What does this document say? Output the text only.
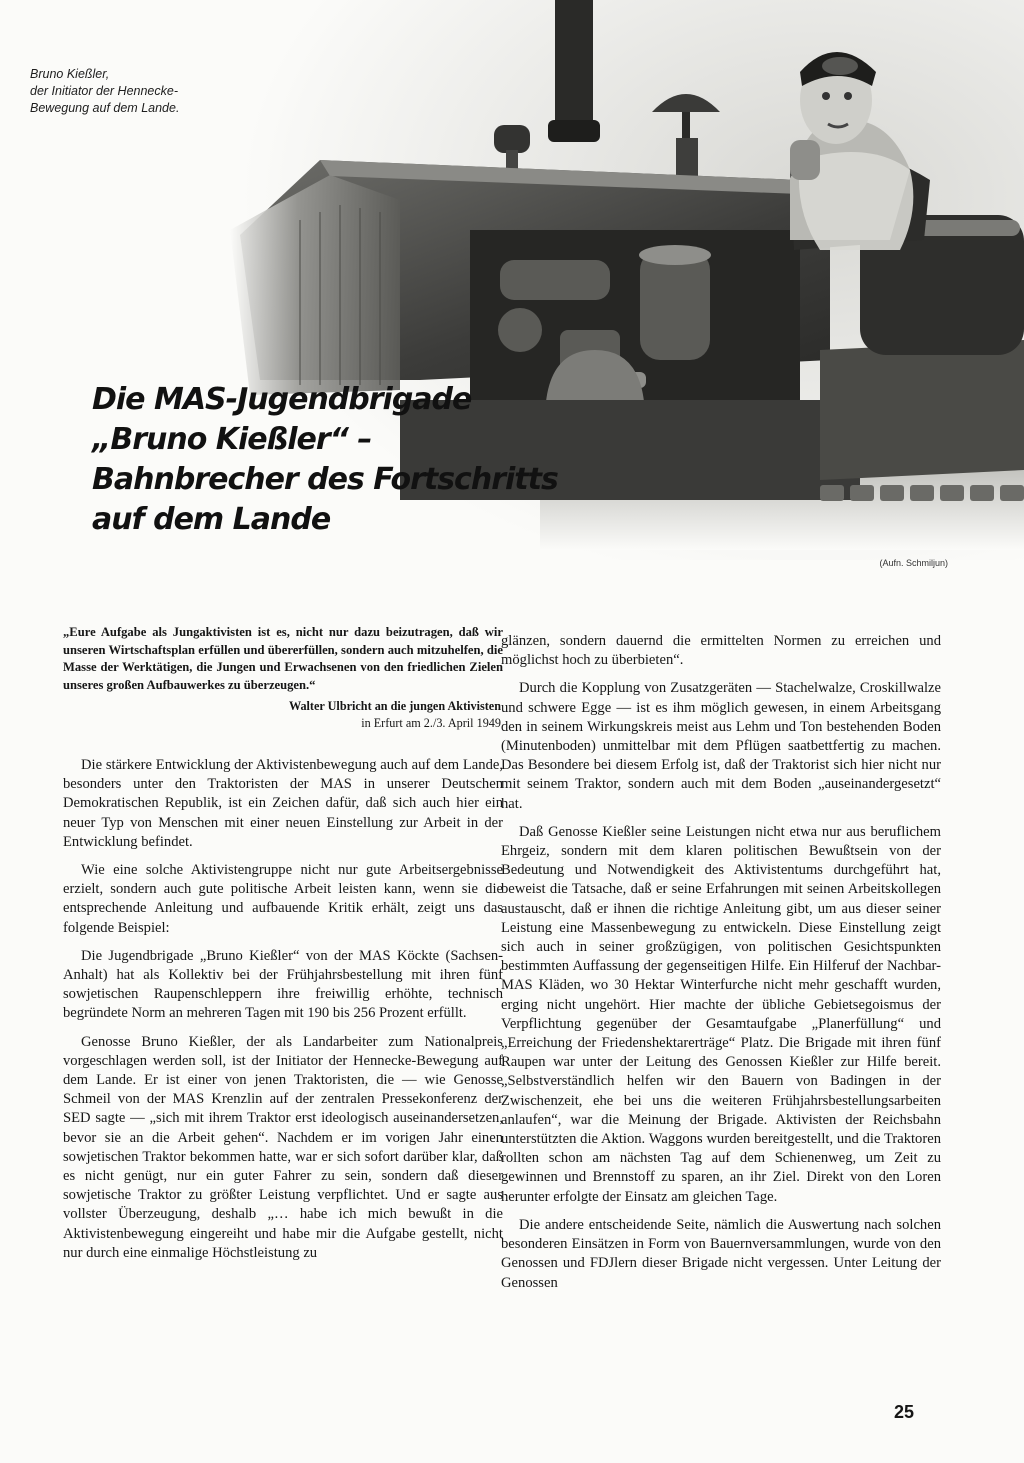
Bruno Kießler,
der Initiator der Hennecke-
Bewegung auf dem Lande.
Die MAS-Jugendbrigade
„Bruno Kießler“ –
Bahnbrecher des Fortschritts
auf dem Lande
(Aufn. Schmiljun)

„Eure Aufgabe als Jungaktivisten ist es, nicht nur dazu beizutragen, daß wir unseren Wirtschaftsplan erfüllen und übererfüllen, sondern auch mitzuhelfen, die Masse der Werktätigen, die Jungen und Erwachsenen von den friedlichen Zielen unseres großen Aufbauwerkes zu überzeugen.“

Walter Ulbricht an die jungen Aktivisten
in Erfurt am 2./3. April 1949

Die stärkere Entwicklung der Aktivistenbewegung auch auf dem Lande, besonders unter den Traktoristen der MAS in unserer Deutschen Demokratischen Republik, ist ein Zeichen dafür, daß sich auch hier ein neuer Typ von Menschen mit einer neuen Einstellung zur Arbeit in der Entwicklung befindet.

Wie eine solche Aktivistengruppe nicht nur gute Arbeitsergebnisse erzielt, sondern auch gute politische Arbeit leisten kann, wenn sie die entsprechende Anleitung und aufbauende Kritik erhält, zeigt uns das folgende Beispiel:

Die Jugendbrigade „Bruno Kießler“ von der MAS Köckte (Sachsen-Anhalt) hat als Kollektiv bei der Frühjahrsbestellung mit ihren fünf sowjetischen Raupenschleppern ihre freiwillig erhöhte, technisch begründete Norm an mehreren Tagen mit 190 bis 256 Prozent erfüllt.

Genosse Bruno Kießler, der als Landarbeiter zum Nationalpreis vorgeschlagen werden soll, ist der Initiator der Hennecke-Bewegung auf dem Lande. Er ist einer von jenen Traktoristen, die — wie Genosse Schmeil von der MAS Krenzlin auf der zentralen Pressekonferenz der SED sagte — „sich mit ihrem Traktor erst ideologisch auseinandersetzen, bevor sie an die Arbeit gehen“. Nachdem er im vorigen Jahr einen sowjetischen Traktor bekommen hatte, war er sich sofort darüber klar, daß es nicht genügt, nur ein guter Fahrer zu sein, sondern daß dieser sowjetische Traktor zu größter Leistung verpflichtet. Und er sagte aus vollster Überzeugung, deshalb „… habe ich mich bewußt in die Aktivistenbewegung eingereiht und habe mir die Aufgabe gestellt, nicht nur durch eine einmalige Höchstleistung zu

glänzen, sondern dauernd die ermittelten Normen zu erreichen und möglichst hoch zu überbieten“.

Durch die Kopplung von Zusatzgeräten — Stachelwalze, Croskillwalze und schwere Egge — ist es ihm möglich gewesen, in einem Arbeitsgang den in seinem Wirkungskreis meist aus Lehm und Ton bestehenden Boden (Minutenboden) unmittelbar mit dem Pflügen saatbettfertig zu machen. Das Besondere bei diesem Erfolg ist, daß der Traktorist sich hier nicht nur mit seinem Traktor, sondern auch mit dem Boden „auseinandergesetzt“ hat.

Daß Genosse Kießler seine Leistungen nicht etwa nur aus beruflichem Ehrgeiz, sondern mit dem klaren politischen Bewußtsein von der Bedeutung und Notwendigkeit des Aktivistentums durchgeführt hat, beweist die Tatsache, daß er seine Erfahrungen mit seinen Arbeitskollegen austauscht, daß er ihnen die richtige Anleitung gibt, um aus dieser seiner Leistung eine Massenbewegung zu entwickeln. Diese Einstellung zeigt sich auch in seiner großzügigen, von politischen Gesichtspunkten bestimmten Auffassung der gegenseitigen Hilfe. Ein Hilferuf der Nachbar-MAS Kläden, wo 30 Hektar Winterfurche nicht mehr geschafft wurden, erging nicht ungehört. Hier machte der übliche Gebietsegoismus der Verpflichtung gegenüber der Gesamtaufgabe „Planerfüllung“ und „Erreichung der Friedenshektarerträge“ Platz. Die Brigade mit ihren fünf Raupen war unter der Leitung des Genossen Kießler zur Hilfe bereit. „Selbstverständlich helfen wir den Bauern von Badingen in der Zwischenzeit, ehe bei uns die weiteren Frühjahrsbestellungsarbeiten anlaufen“, war die Meinung der Brigade. Aktivisten der Reichsbahn unterstützten die Aktion. Waggons wurden bereitgestellt, und die Traktoren rollten schon am nächsten Tag auf dem Schienenweg, um Zeit zu gewinnen und Brennstoff zu sparen, an ihr Ziel. Direkt von den Loren herunter erfolgte der Einsatz am gleichen Tage.

Die andere entscheidende Seite, nämlich die Auswertung nach solchen besonderen Einsätzen in Form von Bauernversammlungen, wurde von den Genossen und FDJlern dieser Brigade nicht vergessen. Unter Leitung der Genossen

25
